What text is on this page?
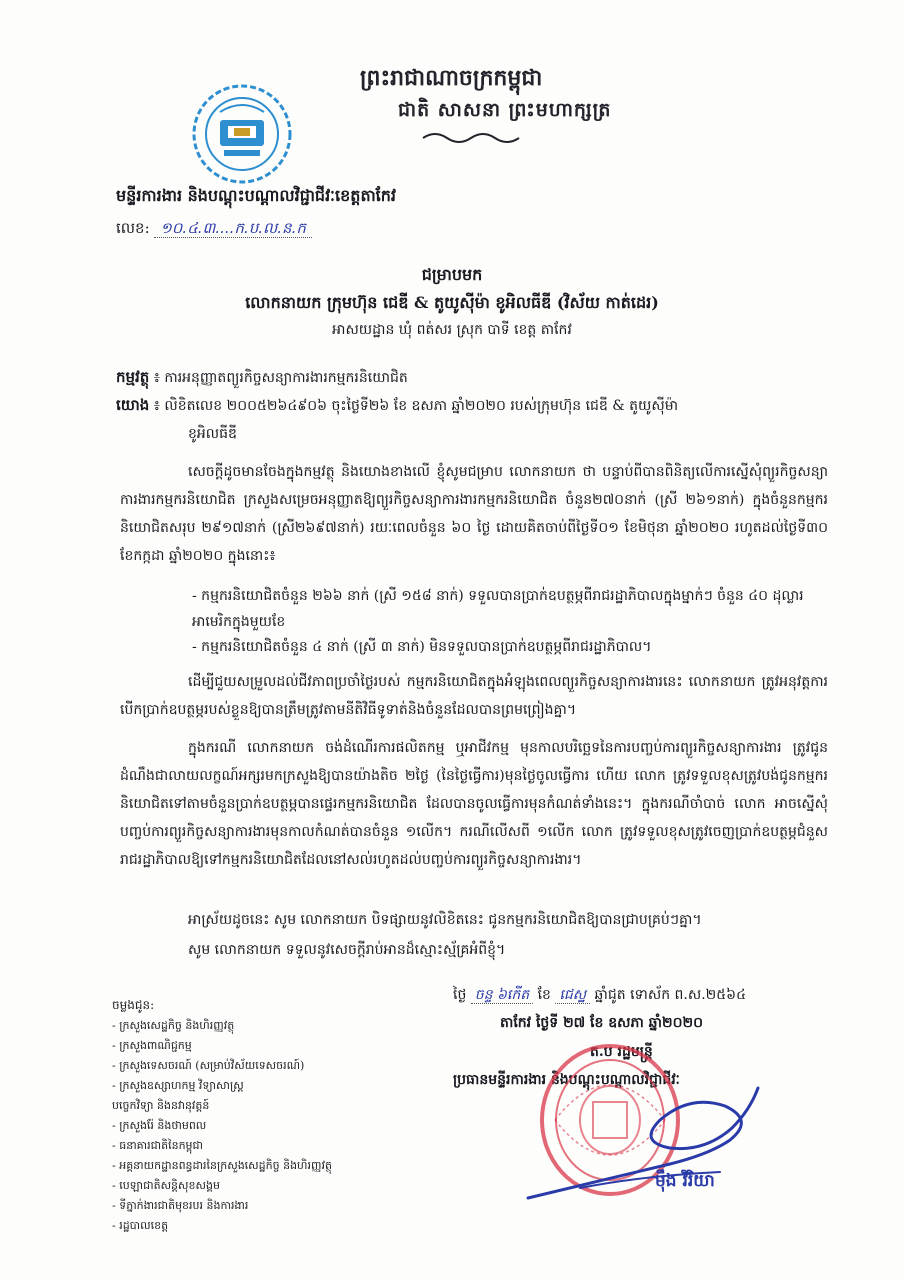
ព្រះរាជាណាចក្រកម្ពុជា
ជាតិ សាសនា ព្រះមហាក្សត្រ
មន្ទីរការងារ និងបណ្តុះបណ្តាលវិជ្ជាជីវៈខេត្តតាកែវ
លេខ: ១០.៤.៣....ក.ប.ល.ន.ក
ជម្រាបមក
លោកនាយក ក្រុមហ៊ុន ជេឌី & តូយូស៊ីម៉ា ខូអិលធីឌី (វិស័យ កាត់ដេរ)
អាសយដ្ឋាន ឃុំ ពត់សរ ស្រុក បាទី ខេត្ត តាកែវ
កម្មវត្ថុ ៖ ការអនុញ្ញាតព្យួរកិច្ចសន្យាការងារកម្មករនិយោជិត
យោង ៖ លិខិតលេខ ២០០៥២៦៤៩០៦ ចុះថ្ងៃទី២៦ ខែ ឧសភា ឆ្នាំ២០២០ របស់ក្រុមហ៊ុន ជេឌី & តូយូស៊ីម៉ា
ខូអិលធីឌី
សេចក្តីដូចមានចែងក្នុងកម្មវត្ថុ និងយោងខាងលើ ខ្ញុំសូមជម្រាប លោកនាយក ថា បន្ទាប់ពីបានពិនិត្យលើការស្នើសុំព្យួរកិច្ចសន្យាការងារកម្មករនិយោជិត ក្រសួងសម្រេចអនុញ្ញាតឱ្យព្យួរកិច្ចសន្យាការងារកម្មករនិយោជិត ចំនួន២៧០នាក់ (ស្រី ២៦១នាក់) ក្នុងចំនួនកម្មករនិយោជិតសរុប ២៩១៧នាក់ (ស្រី២៦៩៧នាក់) រយៈពេលចំនួន ៦០ ថ្ងៃ ដោយគិតចាប់ពីថ្ងៃទី០១ ខែមិថុនា ឆ្នាំ២០២០ រហូតដល់ថ្ងៃទី៣០ ខែកក្កដា ឆ្នាំ២០២០ ក្នុងនោះ៖
- កម្មករនិយោជិតចំនួន ២៦៦ នាក់ (ស្រី ១៥៨ នាក់) ទទួលបានប្រាក់ឧបត្ថម្ភពីរាជរដ្ឋាភិបាលក្នុងម្នាក់ៗ ចំនួន ៤០ ដុល្លារអាមេរិកក្នុងមួយខែ
- កម្មករនិយោជិតចំនួន ៤ នាក់ (ស្រី ៣ នាក់) មិនទទួលបានប្រាក់ឧបត្ថម្ភពីរាជរដ្ឋាភិបាល។
ដើម្បីជួយសម្រួលដល់ជីវភាពប្រចាំថ្ងៃរបស់ កម្មករនិយោជិតក្នុងអំឡុងពេលព្យួរកិច្ចសន្យាការងារនេះ លោកនាយក ត្រូវអនុវត្តការបើកប្រាក់ឧបត្ថម្ភរបស់ខ្លួនឱ្យបានត្រឹមត្រូវតាមនីតិវិធីទូទាត់និងចំនួនដែលបានព្រមព្រៀងគ្នា។
ក្នុងករណី លោកនាយក ចង់ដំណើរការផលិតកម្ម ឬអាជីវកម្ម មុនកាលបរិច្ឆេទនៃការបញ្ចប់ការព្យួរកិច្ចសន្យាការងារ ត្រូវជូនដំណឹងជាលាយលក្ខណ៍អក្សរមកក្រសួងឱ្យបានយ៉ាងតិច ២ថ្ងៃ (នៃថ្ងៃធ្វើការ)មុនថ្ងៃចូលធ្វើការ ហើយ លោក ត្រូវទទួលខុសត្រូវបង់ជូនកម្មករនិយោជិតទៅតាមចំនួនប្រាក់ឧបត្ថម្ភបានផ្ទេរកម្មករនិយោជិត ដែលបានចូលធ្វើការមុនកំណត់ទាំងនេះ។ ក្នុងករណីចាំបាច់ លោក អាចស្នើសុំបញ្ចប់ការព្យួរកិច្ចសន្យាការងារមុនកាលកំណត់បានចំនួន ១លើក។ ករណីលើសពី ១លើក លោក ត្រូវទទួលខុសត្រូវចេញប្រាក់ឧបត្ថម្ភជំនួសរាជរដ្ឋាភិបាលឱ្យទៅកម្មករនិយោជិតដែលនៅសល់រហូតដល់បញ្ចប់ការព្យួរកិច្ចសន្យាការងារ។
អាស្រ័យដូចនេះ សូម លោកនាយក បិទផ្សាយនូវលិខិតនេះ ជូនកម្មករនិយោជិតឱ្យបានជ្រាបគ្រប់ៗគ្នា។
សូម លោកនាយក ទទួលនូវសេចក្តីរាប់អានដ៏ស្មោះស្ម័គ្រអំពីខ្ញុំ។
ចម្លងជូន:
- ក្រសួងសេដ្ឋកិច្ច និងហិរញ្ញវត្ថុ
- ក្រសួងពាណិជ្ជកម្ម
- ក្រសួងទេសចរណ៍ (សម្រាប់វិស័យទេសចរណ៍)
- ក្រសួងឧស្សាហកម្ម វិទ្យាសាស្ត្រ
បច្ចេកវិទ្យា និងនវានុវត្តន៍
- ក្រសួងរ៉ែ និងថាមពល
- ធនាគារជាតិនៃកម្ពុជា
- អគ្គនាយកដ្ឋានពន្ធដារនៃក្រសួងសេដ្ឋកិច្ច និងហិរញ្ញវត្ថុ
- បេឡាជាតិសន្តិសុខសង្គម
- ទីភ្នាក់ងារជាតិមុខរបរ និងការងារ
- រដ្ឋបាលខេត្ត
ថ្ងៃ ចន្ទ ៦កើត ខែ ជេស្ឋ ឆ្នាំជូត ទោស័ក ព.ស.២៥៦៤
តាកែវ ថ្ងៃទី ២៧ ខែ ឧសភា ឆ្នាំ២០២០
ត.ប រដ្ឋមន្ត្រី
ប្រធានមន្ទីរការងារ និងបណ្តុះបណ្តាលវិជ្ជាជីវៈ
ម៉ឹង វិរិយា
